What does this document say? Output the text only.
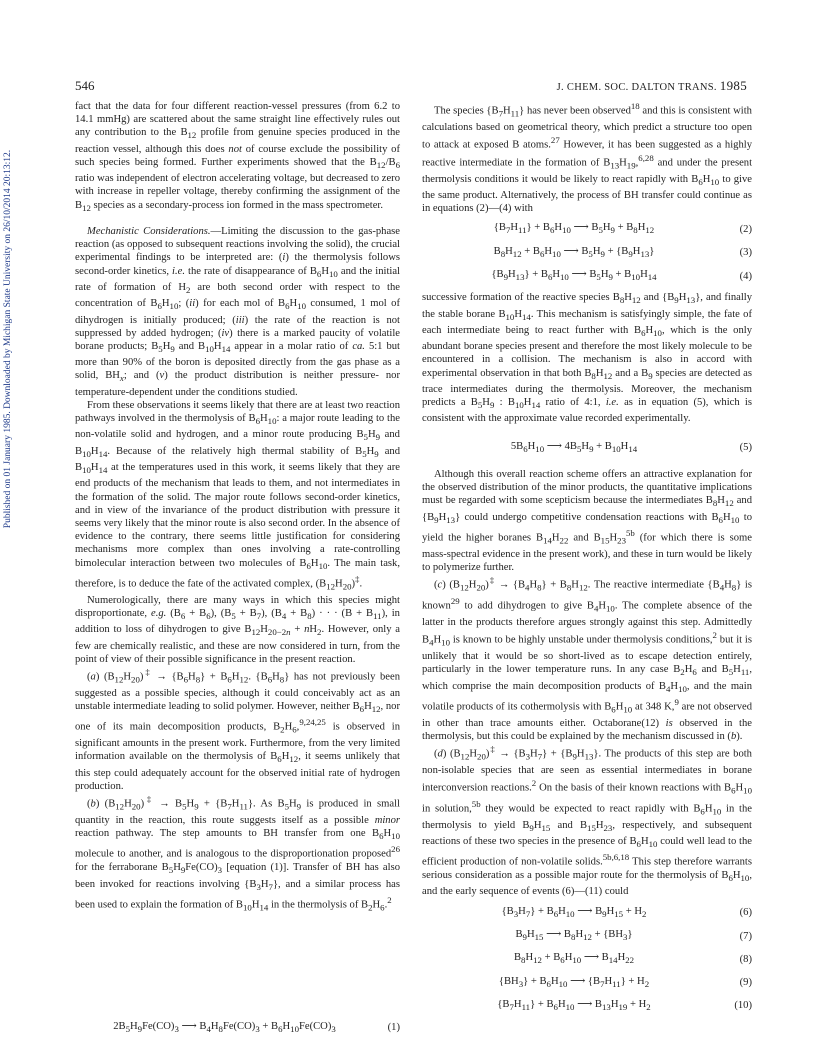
Published on 01 January 1985. Downloaded by Michigan State University on 26/10/2014 20:13:12.
546	J. CHEM. SOC. DALTON TRANS. 1985

fact that the data for four different reaction-vessel pressures (from 6.2 to 14.1 mmHg) are scattered about the same straight line effectively rules out any contribution to the $B_{12}$ profile from genuine species produced in the reaction vessel, although this does not of course exclude the possibility of such species being formed. Further experiments showed that the $B_{12}/B_6$ ratio was independent of electron accelerating voltage, but decreased to zero with increase in repeller voltage, thereby confirming the assignment of the $B_{12}$ species as a secondary-process ion formed in the mass spectrometer.

Mechanistic Considerations.—Limiting the discussion to the gas-phase reaction (as opposed to subsequent reactions involving the solid), the crucial experimental findings to be interpreted are: (i) the thermolysis follows second-order kinetics, i.e. the rate of disappearance of $B_6H_{10}$ and the initial rate of formation of $H_2$ are both second order with respect to the concentration of $B_6H_{10}$; (ii) for each mol of $B_6H_{10}$ consumed, 1 mol of dihydrogen is initially produced; (iii) the rate of the reaction is not suppressed by added hydrogen; (iv) there is a marked paucity of volatile borane products; $B_5H_9$ and $B_{10}H_{14}$ appear in a molar ratio of ca. 5:1 but more than 90% of the boron is deposited directly from the gas phase as a solid, $BH_x$; and (v) the product distribution is neither pressure- nor temperature-dependent under the conditions studied.

From these observations it seems likely that there are at least two reaction pathways involved in the thermolysis of $B_6H_{10}$: a major route leading to the non-volatile solid and hydrogen, and a minor route producing $B_5H_9$ and $B_{10}H_{14}$. Because of the relatively high thermal stability of $B_5H_9$ and $B_{10}H_{14}$ at the temperatures used in this work, it seems likely that they are end products of the mechanism that leads to them, and not intermediates in the formation of the solid. The major route follows second-order kinetics, and in view of the invariance of the product distribution with pressure it seems very likely that the minor route is also second order. In the absence of evidence to the contrary, there seems little justification for considering mechanisms more complex than ones involving a rate-controlling bimolecular interaction between two molecules of $B_6H_{10}$. The main task, therefore, is to deduce the fate of the activated complex, $(B_{12}H_{20})^\ddagger$.

Numerologically, there are many ways in which this species might disproportionate, e.g. $(B_6 + B_6)$, $(B_5 + B_7)$, $(B_4 + B_8)$ · · · $(B + B_{11})$, in addition to loss of dihydrogen to give $B_{12}H_{20-2n} + nH_2$. However, only a few are chemically realistic, and these are now considered in turn, from the point of view of their possible significance in the present reaction.

(a) $(B_{12}H_{20})^\ddagger \to \{B_6H_8\} + B_6H_{12}$. $\{B_6H_8\}$ has not previously been suggested as a possible species, although it could conceivably act as an unstable intermediate leading to solid polymer. However, neither $B_6H_{12}$, nor one of its main decomposition products, $B_2H_6,^{9,24,25}$ is observed in significant amounts in the present work. Furthermore, from the very limited information available on the thermolysis of $B_6H_{12}$, it seems unlikely that this step could adequately account for the observed initial rate of hydrogen production.

(b) $(B_{12}H_{20})^\ddagger \to B_5H_9 + \{B_7H_{11}\}$. As $B_5H_9$ is produced in small quantity in the reaction, this route suggests itself as a possible minor reaction pathway. The step amounts to BH transfer from one $B_6H_{10}$ molecule to another, and is analogous to the disproportionation proposed$^{26}$ for the ferraborane $B_5H_9Fe(CO)_3$ [equation (1)]. Transfer of BH has also been invoked for reactions involving $\{B_3H_7\}$, and a similar process has been used to explain the formation of $B_{10}H_{14}$ in the thermolysis of $B_2H_6.^2$

The species $\{B_7H_{11}\}$ has never been observed$^{18}$ and this is consistent with calculations based on geometrical theory, which predict a structure too open to attack at exposed B atoms.$^{27}$ However, it has been suggested as a highly reactive intermediate in the formation of $B_{13}H_{19},^{6,28}$ and under the present thermolysis conditions it would be likely to react rapidly with $B_6H_{10}$ to give the same product. Alternatively, the process of BH transfer could continue as in equations (2)—(4) with

$\{B_7H_{11}\} + B_6H_{10}$ ⟶ $B_5H_9 + B_8H_{12}$	(2)
$B_8H_{12} + B_6H_{10}$ ⟶ $B_5H_9 + \{B_9H_{13}\}$	(3)
$\{B_9H_{13}\} + B_6H_{10}$ ⟶ $B_5H_9 + B_{10}H_{14}$	(4)

successive formation of the reactive species $B_8H_{12}$ and $\{B_9H_{13}\}$, and finally the stable borane $B_{10}H_{14}$. This mechanism is satisfyingly simple, the fate of each intermediate being to react further with $B_6H_{10}$, which is the only abundant borane species present and therefore the most likely molecule to be encountered in a collision. The mechanism is also in accord with experimental observation in that both $B_8H_{12}$ and a $B_9$ species are detected as trace intermediates during the thermolysis. Moreover, the mechanism predicts a $B_5H_9$ : $B_{10}H_{14}$ ratio of 4:1, i.e. as in equation (5), which is consistent with the approximate value recorded experimentally.

$5B_6H_{10}$ ⟶ $4B_5H_9 + B_{10}H_{14}$	(5)

Although this overall reaction scheme offers an attractive explanation for the observed distribution of the minor products, the quantitative implications must be regarded with some scepticism because the intermediates $B_8H_{12}$ and $\{B_9H_{13}\}$ could undergo competitive condensation reactions with $B_6H_{10}$ to yield the higher boranes $B_{14}H_{22}$ and $B_{15}H_{23}^{5b}$ (for which there is some mass-spectral evidence in the present work), and these in turn would be likely to polymerize further.

(c) $(B_{12}H_{20})^\ddagger \to \{B_4H_8\} + B_8H_{12}$. The reactive intermediate $\{B_4H_8\}$ is known$^{29}$ to add dihydrogen to give $B_4H_{10}$. The complete absence of the latter in the products therefore argues strongly against this step. Admittedly $B_4H_{10}$ is known to be highly unstable under thermolysis conditions,$^2$ but it is unlikely that it would be so short-lived as to escape detection entirely, particularly in the lower temperature runs. In any case $B_2H_6$ and $B_5H_{11}$, which comprise the main decomposition products of $B_4H_{10}$, and the main volatile products of its cothermolysis with $B_6H_{10}$ at 348 K,$^9$ are not observed in other than trace amounts either. Octaborane(12) is observed in the thermolysis, but this could be explained by the mechanism discussed in (b).

(d) $(B_{12}H_{20})^\ddagger \to \{B_3H_7\} + \{B_9H_{13}\}$. The products of this step are both non-isolable species that are seen as essential intermediates in borane interconversion reactions.$^2$ On the basis of their known reactions with $B_6H_{10}$ in solution,$^{5b}$ they would be expected to react rapidly with $B_6H_{10}$ in the thermolysis to yield $B_9H_{15}$ and $B_{15}H_{23}$, respectively, and subsequent reactions of these two species in the presence of $B_6H_{10}$ could well lead to the efficient production of non-volatile solids.$^{5b,6,18}$ This step therefore warrants serious consideration as a possible major route for the thermolysis of $B_6H_{10}$, and the early sequence of events (6)—(11) could

$\{B_3H_7\} + B_6H_{10}$ ⟶ $B_9H_{15} + H_2$	(6)
$B_9H_{15}$ ⟶ $B_8H_{12} + \{BH_3\}$	(7)
$B_8H_{12} + B_6H_{10}$ ⟶ $B_{14}H_{22}$	(8)
$\{BH_3\} + B_6H_{10}$ ⟶ $\{B_7H_{11}\} + H_2$	(9)
$\{B_7H_{11}\} + B_6H_{10}$ ⟶ $B_{13}H_{19} + H_2$	(10)
$2B_5H_9Fe(CO)_3$ ⟶ $B_4H_8Fe(CO)_3 + B_6H_{10}Fe(CO)_3$	(1)
